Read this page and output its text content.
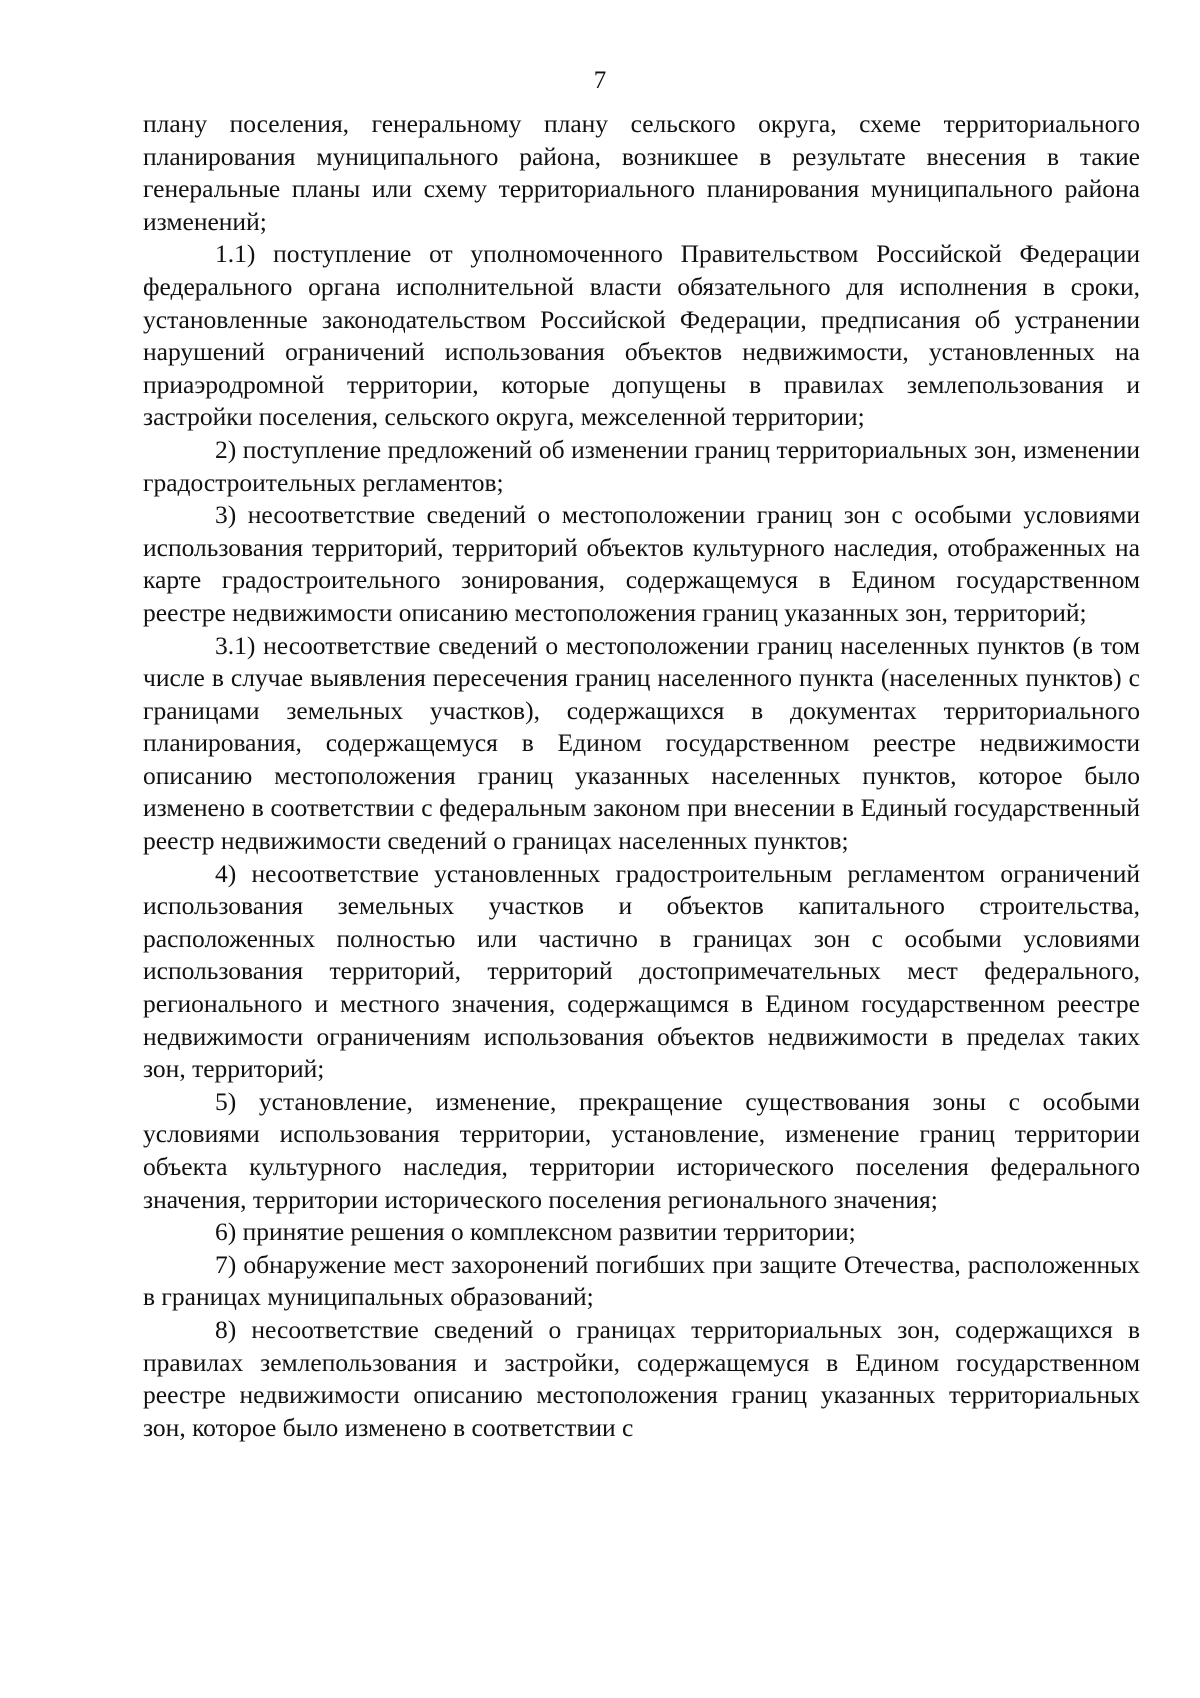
7

плану поселения, генеральному плану сельского округа, схеме территориального планирования муниципального района, возникшее в результате внесения в такие генеральные планы или схему территориального планирования муниципального района изменений;

1.1) поступление от уполномоченного Правительством Российской Федерации федерального органа исполнительной власти обязательного для исполнения в сроки, установленные законодательством Российской Федерации, предписания об устранении нарушений ограничений использования объектов недвижимости, установленных на приаэродромной территории, которые допущены в правилах землепользования и застройки поселения, сельского округа, межселенной территории;

2) поступление предложений об изменении границ территориальных зон, изменении градостроительных регламентов;

3) несоответствие сведений о местоположении границ зон с особыми условиями использования территорий, территорий объектов культурного наследия, отображенных на карте градостроительного зонирования, содержащемуся в Едином государственном реестре недвижимости описанию местоположения границ указанных зон, территорий;

3.1) несоответствие сведений о местоположении границ населенных пунктов (в том числе в случае выявления пересечения границ населенного пункта (населенных пунктов) с границами земельных участков), содержащихся в документах территориального планирования, содержащемуся в Едином государственном реестре недвижимости описанию местоположения границ указанных населенных пунктов, которое было изменено в соответствии с федеральным законом при внесении в Единый государственный реестр недвижимости сведений о границах населенных пунктов;

4) несоответствие установленных градостроительным регламентом ограничений использования земельных участков и объектов капитального строительства, расположенных полностью или частично в границах зон с особыми условиями использования территорий, территорий достопримечательных мест федерального, регионального и местного значения, содержащимся в Едином государственном реестре недвижимости ограничениям использования объектов недвижимости в пределах таких зон, территорий;

5) установление, изменение, прекращение существования зоны с особыми условиями использования территории, установление, изменение границ территории объекта культурного наследия, территории исторического поселения федерального значения, территории исторического поселения регионального значения;

6) принятие решения о комплексном развитии территории;

7) обнаружение мест захоронений погибших при защите Отечества, расположенных в границах муниципальных образований;

8) несоответствие сведений о границах территориальных зон, содержащихся в правилах землепользования и застройки, содержащемуся в Едином государственном реестре недвижимости описанию местоположения границ указанных территориальных зон, которое было изменено в соответствии с
